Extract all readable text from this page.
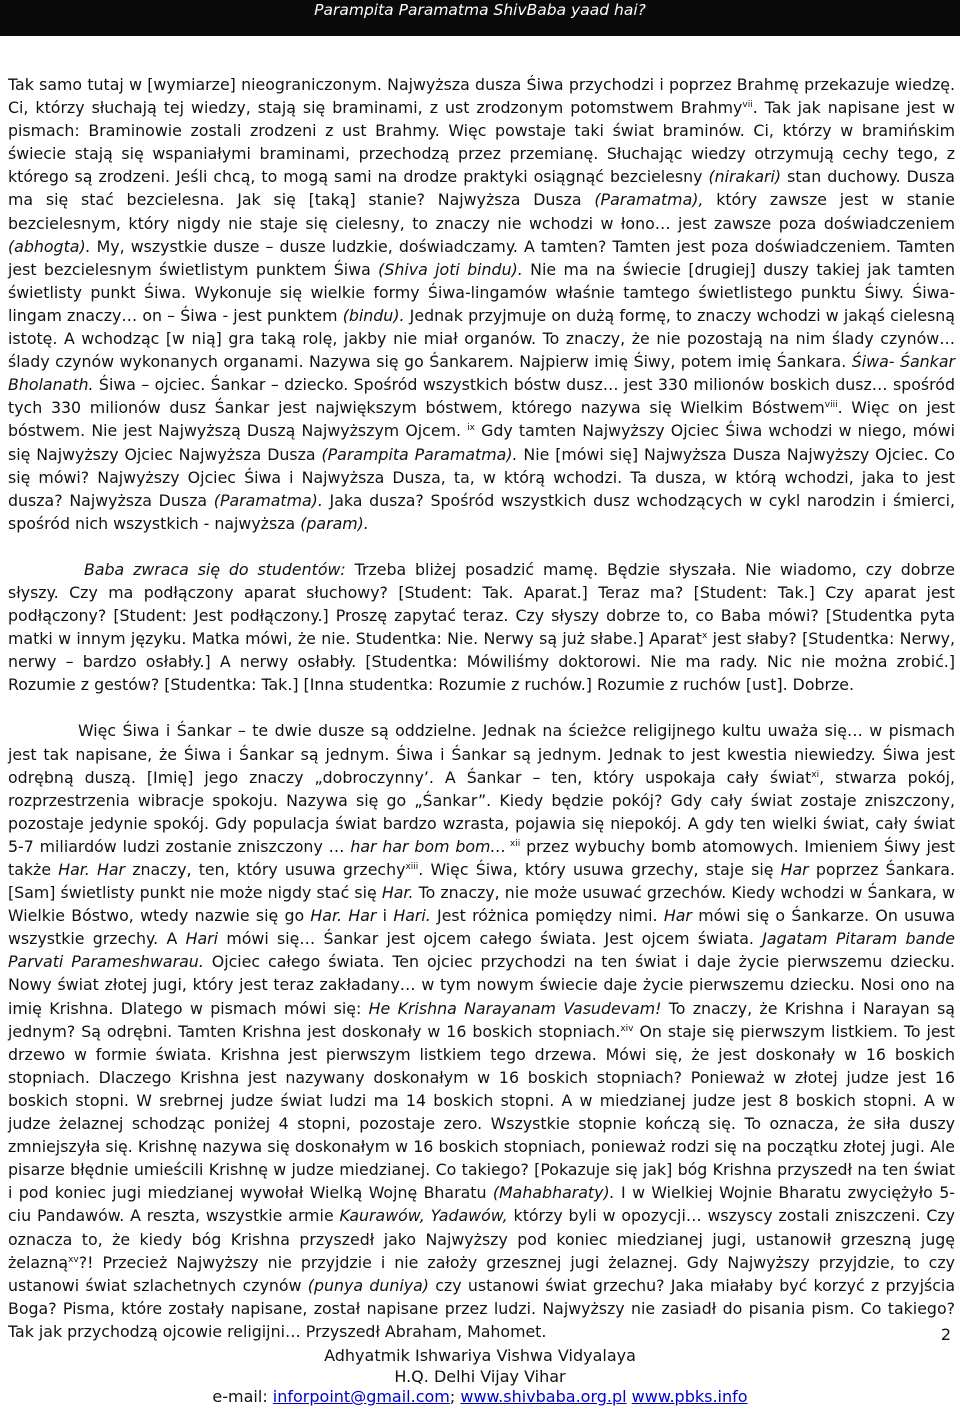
Parampita Paramatma ShivBaba yaad hai?

Tak samo tutaj w [wymiarze] nieograniczonym. Najwyższa dusza Śiwa przychodzi i poprzez Brahmę przekazuje wiedzę. Ci, którzy słuchają tej wiedzy, stają się braminami, z ust zrodzonym potomstwem Brahmy$^{vii}$. Tak jak napisane jest w pismach: Braminowie zostali zrodzeni z ust Brahmy. Więc powstaje taki świat braminów. Ci, którzy w bramińskim świecie stają się wspaniałymi braminami, przechodzą przez przemianę. Słuchając wiedzy otrzymują cechy tego, z którego są zrodzeni. Jeśli chcą, to mogą sami na drodze praktyki osiągnąć bezcielesny (nirakari) stan duchowy. Dusza ma się stać bezcielesna. Jak się [taką] stanie? Najwyższa Dusza (Paramatma), który zawsze jest w stanie bezcielesnym, który nigdy nie staje się cielesny, to znaczy nie wchodzi w łono… jest zawsze poza doświadczeniem (abhogta). My, wszystkie dusze – dusze ludzkie, doświadczamy. A tamten? Tamten jest poza doświadczeniem. Tamten jest bezcielesnym świetlistym punktem Śiwa (Shiva joti bindu). Nie ma na świecie [drugiej] duszy takiej jak tamten świetlisty punkt Śiwa. Wykonuje się wielkie formy Śiwa-lingamów właśnie tamtego świetlistego punktu Śiwy. Śiwa-lingam znaczy… on – Śiwa - jest punktem (bindu). Jednak przyjmuje on dużą formę, to znaczy wchodzi w jakąś cielesną istotę. A wchodząc [w nią] gra taką rolę, jakby nie miał organów. To znaczy, że nie pozostają na nim ślady czynów… ślady czynów wykonanych organami. Nazywa się go Śankarem. Najpierw imię Śiwy, potem imię Śankara. Śiwa- Śankar Bholanath. Śiwa – ojciec. Śankar – dziecko. Spośród wszystkich bóstw dusz… jest 330 milionów boskich dusz… spośród tych 330 milionów dusz Śankar jest największym bóstwem, którego nazywa się Wielkim Bóstwem$^{viii}$. Więc on jest bóstwem. Nie jest Najwyższą Duszą Najwyższym Ojcem. $^{ix}$ Gdy tamten Najwyższy Ojciec Śiwa wchodzi w niego, mówi się Najwyższy Ojciec Najwyższa Dusza (Parampita Paramatma). Nie [mówi się] Najwyższa Dusza Najwyższy Ojciec. Co się mówi? Najwyższy Ojciec Śiwa i Najwyższa Dusza, ta, w którą wchodzi. Ta dusza, w którą wchodzi, jaka to jest dusza? Najwyższa Dusza (Paramatma). Jaka dusza? Spośród wszystkich dusz wchodzących w cykl narodzin i śmierci, spośród nich wszystkich - najwyższa (param).

Baba zwraca się do studentów: Trzeba bliżej posadzić mamę. Będzie słyszała. Nie wiadomo, czy dobrze słyszy. Czy ma podłączony aparat słuchowy? [Student: Tak. Aparat.] Teraz ma? [Student: Tak.] Czy aparat jest podłączony? [Student: Jest podłączony.] Proszę zapytać teraz. Czy słyszy dobrze to, co Baba mówi? [Studentka pyta matki w innym języku. Matka mówi, że nie. Studentka: Nie. Nerwy są już słabe.] Aparat$^x$ jest słaby? [Studentka: Nerwy, nerwy – bardzo osłabły.] A nerwy osłabły. [Studentka: Mówiliśmy doktorowi. Nie ma rady. Nic nie można zrobić.] Rozumie z gestów? [Studentka: Tak.] [Inna studentka: Rozumie z ruchów.] Rozumie z ruchów [ust]. Dobrze.

Więc Śiwa i Śankar – te dwie dusze są oddzielne. Jednak na ścieżce religijnego kultu uważa się… w pismach jest tak napisane, że Śiwa i Śankar są jednym. Śiwa i Śankar są jednym. Jednak to jest kwestia niewiedzy. Śiwa jest odrębną duszą. [Imię] jego znaczy „dobroczynny’. A Śankar – ten, który uspokaja cały świat$^{xi}$, stwarza pokój, rozprzestrzenia wibracje spokoju. Nazywa się go „Śankar”. Kiedy będzie pokój? Gdy cały świat zostaje zniszczony, pozostaje jedynie spokój. Gdy populacja świat bardzo wzrasta, pojawia się niepokój. A gdy ten wielki świat, cały świat 5-7 miliardów ludzi zostanie zniszczony … har har bom bom… $^{xii}$ przez wybuchy bomb atomowych. Imieniem Śiwy jest także Har. Har znaczy, ten, który usuwa grzechy$^{xiii}$. Więc Śiwa, który usuwa grzechy, staje się Har poprzez Śankara. [Sam] świetlisty punkt nie może nigdy stać się Har. To znaczy, nie może usuwać grzechów. Kiedy wchodzi w Śankara, w Wielkie Bóstwo, wtedy nazwie się go Har. Har i Hari. Jest różnica pomiędzy nimi. Har mówi się o Śankarze. On usuwa wszystkie grzechy. A Hari mówi się… Śankar jest ojcem całego świata. Jest ojcem świata. Jagatam Pitaram bande Parvati Parameshwarau. Ojciec całego świata. Ten ojciec przychodzi na ten świat i daje życie pierwszemu dziecku. Nowy świat złotej jugi, który jest teraz zakładany… w tym nowym świecie daje życie pierwszemu dziecku. Nosi ono na imię Krishna. Dlatego w pismach mówi się: He Krishna Narayanam Vasudevam! To znaczy, że Krishna i Narayan są jednym? Są odrębni. Tamten Krishna jest doskonały w 16 boskich stopniach.$^{xiv}$ On staje się pierwszym listkiem. To jest drzewo w formie świata. Krishna jest pierwszym listkiem tego drzewa. Mówi się, że jest doskonały w 16 boskich stopniach. Dlaczego Krishna jest nazywany doskonałym w 16 boskich stopniach? Ponieważ w złotej judze jest 16 boskich stopni. W srebrnej judze świat ludzi ma 14 boskich stopni. A w miedzianej judze jest 8 boskich stopni. A w judze żelaznej schodząc poniżej 4 stopni, pozostaje zero. Wszystkie stopnie kończą się. To oznacza, że siła duszy zmniejszyła się. Krishnę nazywa się doskonałym w 16 boskich stopniach, ponieważ rodzi się na początku złotej jugi. Ale pisarze błędnie umieścili Krishnę w judze miedzianej. Co takiego? [Pokazuje się jak] bóg Krishna przyszedł na ten świat i pod koniec jugi miedzianej wywołał Wielką Wojnę Bharatu (Mahabharaty). I w Wielkiej Wojnie Bharatu zwyciężyło 5-ciu Pandawów. A reszta, wszystkie armie Kaurawów, Yadawów, którzy byli w opozycji… wszyscy zostali zniszczeni. Czy oznacza to, że kiedy bóg Krishna przyszedł jako Najwyższy pod koniec miedzianej jugi, ustanowił grzeszną jugę żelazną$^{xv}$?! Przecież Najwyższy nie przyjdzie i nie założy grzesznej jugi żelaznej. Gdy Najwyższy przyjdzie, to czy ustanowi świat szlachetnych czynów (punya duniya) czy ustanowi świat grzechu? Jaka miałaby być korzyć z przyjścia Boga? Pisma, które zostały napisane, został napisane przez ludzi. Najwyższy nie zasiadł do pisania pism. Co takiego? Tak jak przychodzą ojcowie religijni… Przyszedł Abraham, Mahomet.	2
Adhyatmik Ishwariya Vishwa Vidyalaya
H.Q. Delhi Vijay Vihar
e-mail: inforpoint@gmail.com; www.shivbaba.org.pl www.pbks.info
